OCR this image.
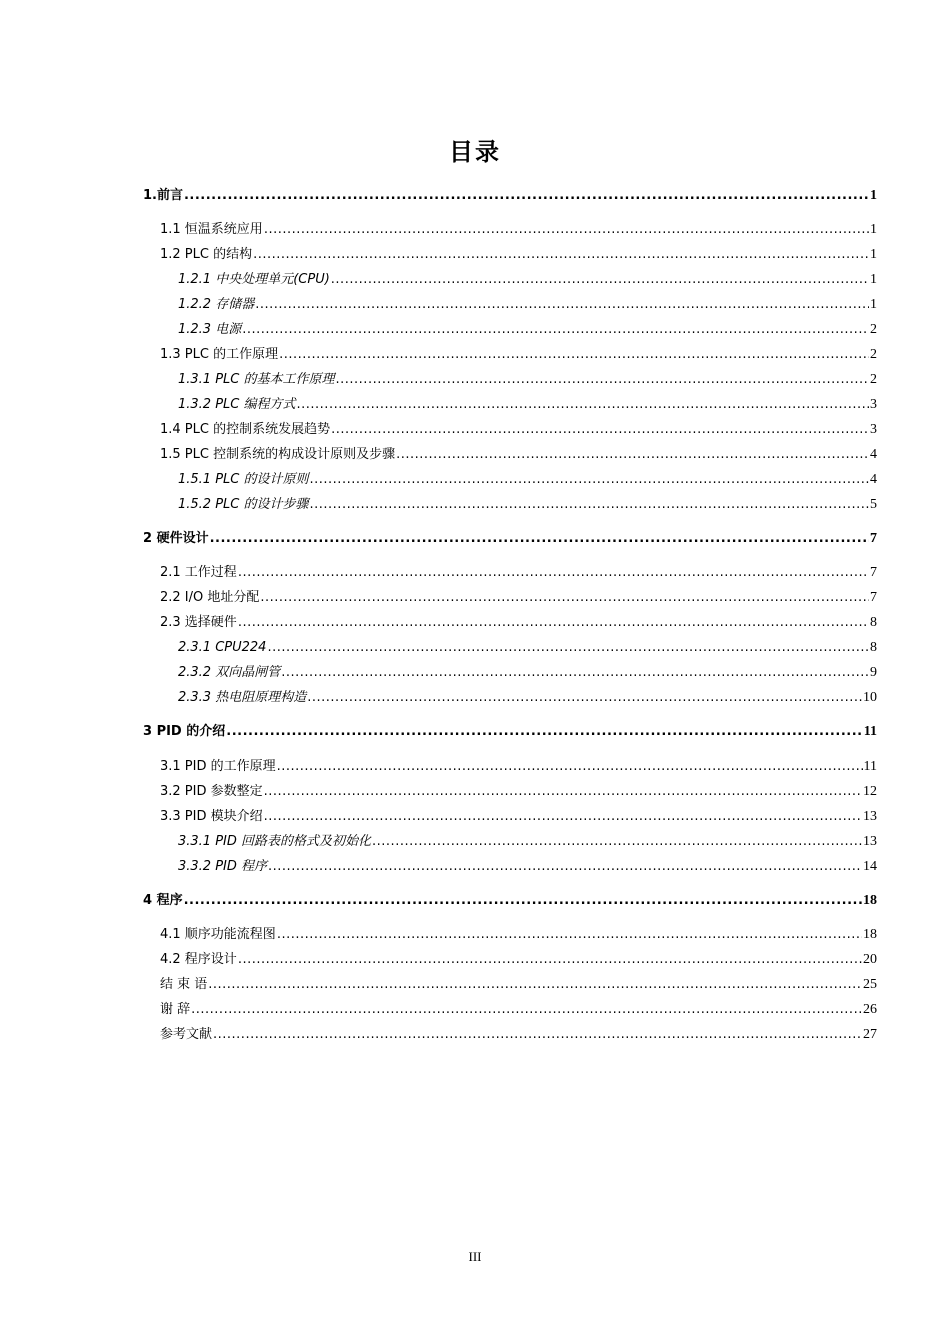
目录
1.前言 .....	1
1.1 恒温系统应用 .....	1
1.2 PLC 的结构 .....	1
1.2.1 中央处理单元(CPU) .....	1
1.2.2 存储器 .....	1
1.2.3 电源 .....	2
1.3 PLC 的工作原理 .....	2
1.3.1 PLC 的基本工作原理 .....	2
1.3.2 PLC 编程方式 .....	3
1.4 PLC 的控制系统发展趋势 .....	3
1.5 PLC 控制系统的构成设计原则及步骤 .....	4
1.5.1 PLC 的设计原则 .....	4
1.5.2 PLC 的设计步骤 .....	5
2 硬件设计 .....	7
2.1 工作过程 .....	7
2.2 I/O 地址分配 .....	7
2.3 选择硬件 .....	8
2.3.1 CPU224 .....	8
2.3.2 双向晶闸管 .....	9
2.3.3 热电阻原理构造 .....	10
3 PID 的介绍 .....	11
3.1 PID 的工作原理 .....	11
3.2 PID 参数整定 .....	12
3.3 PID 模块介绍 .....	13
3.3.1 PID 回路表的格式及初始化 .....	13
3.3.2 PID 程序 .....	14
4 程序 .....	18
4.1 顺序功能流程图 .....	18
4.2 程序设计 .....	20
结 束 语 .....	25
谢 辞 .....	26
参考文献 .....	27
III
